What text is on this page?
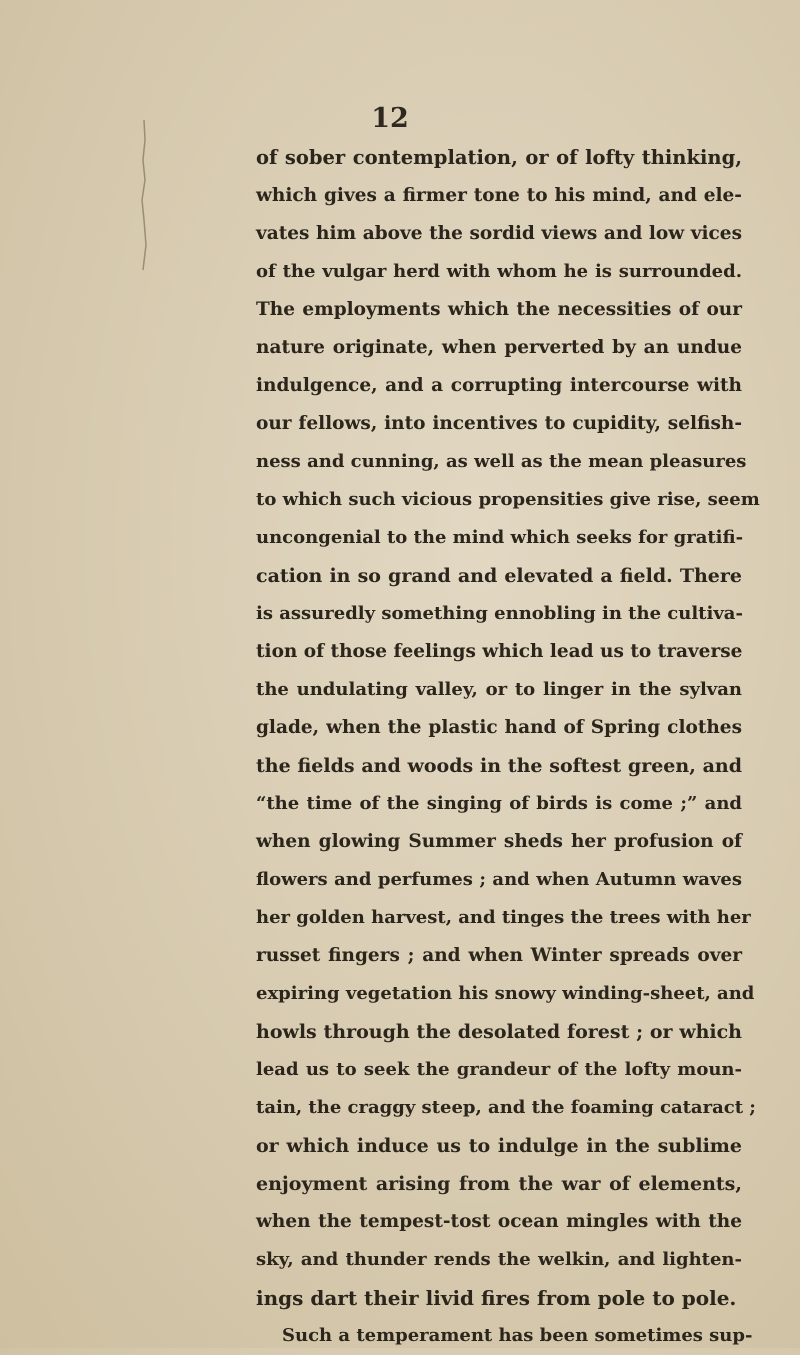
12
of sober contemplation, or of lofty thinking,
which gives a firmer tone to his mind, and ele-
vates him above the sordid views and low vices
of the vulgar herd with whom he is surrounded.
The employments which the necessities of our
nature originate, when perverted by an undue
indulgence, and a corrupting intercourse with
our fellows, into incentives to cupidity, selfish-
ness and cunning, as well as the mean pleasures
to which such vicious propensities give rise, seem
uncongenial to the mind which seeks for gratifi-
cation in so grand and elevated a field. There
is assuredly something ennobling in the cultiva-
tion of those feelings which lead us to traverse
the undulating valley, or to linger in the sylvan
glade, when the plastic hand of Spring clothes
the fields and woods in the softest green, and
“the time of the singing of birds is come ;” and
when glowing Summer sheds her profusion of
flowers and perfumes ; and when Autumn waves
her golden harvest, and tinges the trees with her
russet fingers ; and when Winter spreads over
expiring vegetation his snowy winding-sheet, and
howls through the desolated forest ; or which
lead us to seek the grandeur of the lofty moun-
tain, the craggy steep, and the foaming cataract ;
or which induce us to indulge in the sublime
enjoyment arising from the war of elements,
when the tempest-tost ocean mingles with the
sky, and thunder rends the welkin, and lighten-
ings dart their livid fires from pole to pole.
Such a temperament has been sometimes sup-
